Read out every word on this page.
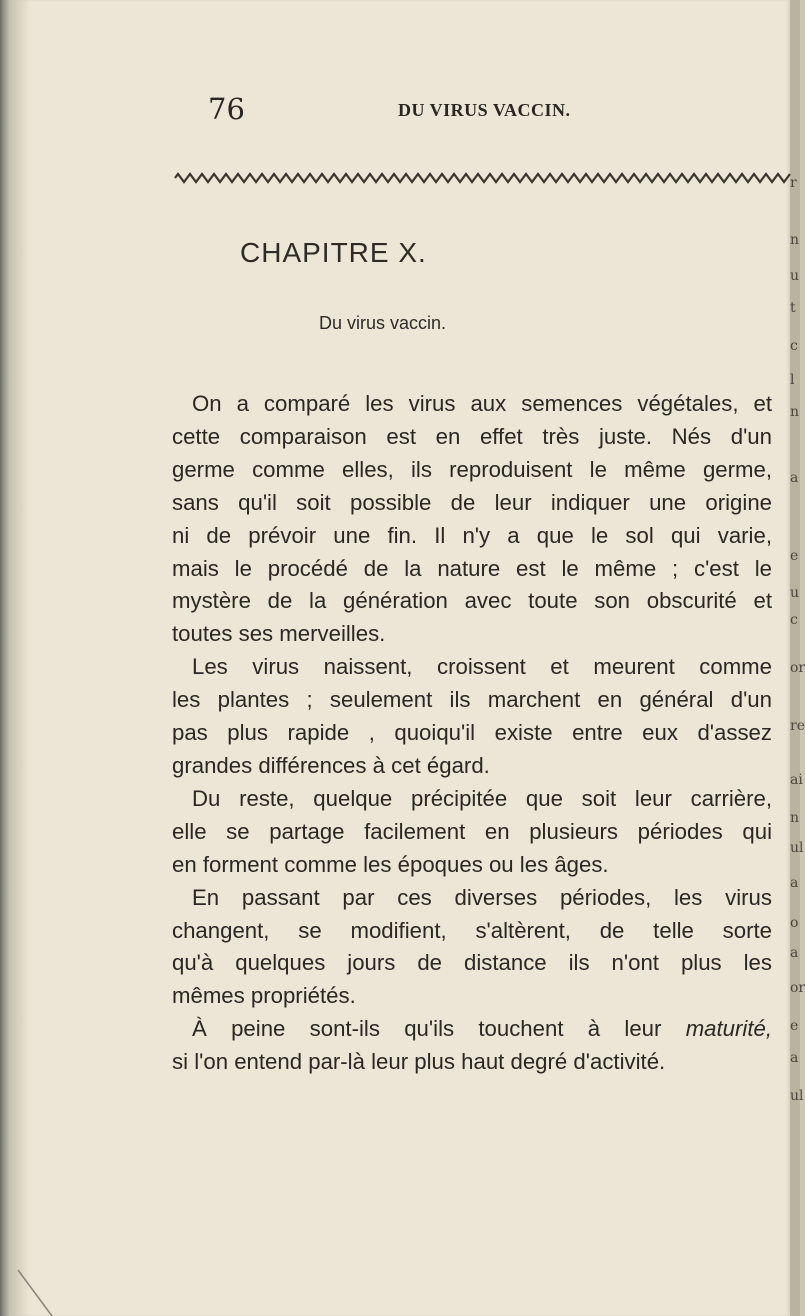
r
n
u
t
c
l
n
a
e
u
c
or
re
ai
n
ul
a
o
a
or
e
a
ul
76	DU VIRUS VACCIN.
CHAPITRE X.
Du virus vaccin.
On a comparé les virus aux semences végétales, et
cette comparaison est en effet très juste. Nés d'un
germe comme elles, ils reproduisent le même germe,
sans qu'il soit possible de leur indiquer une origine
ni de prévoir une fin. Il n'y a que le sol qui varie,
mais le procédé de la nature est le même ; c'est le
mystère de la génération avec toute son obscurité et
toutes ses merveilles.
Les virus naissent, croissent et meurent comme
les plantes ; seulement ils marchent en général d'un
pas plus rapide , quoiqu'il existe entre eux d'assez
grandes différences à cet égard.
Du reste, quelque précipitée que soit leur carrière,
elle se partage facilement en plusieurs périodes qui
en forment comme les époques ou les âges.
En passant par ces diverses périodes, les virus
changent, se modifient, s'altèrent, de telle sorte
qu'à quelques jours de distance ils n'ont plus les
mêmes propriétés.
À peine sont-ils qu'ils touchent à leur maturité,
si l'on entend par-là leur plus haut degré d'activité.
